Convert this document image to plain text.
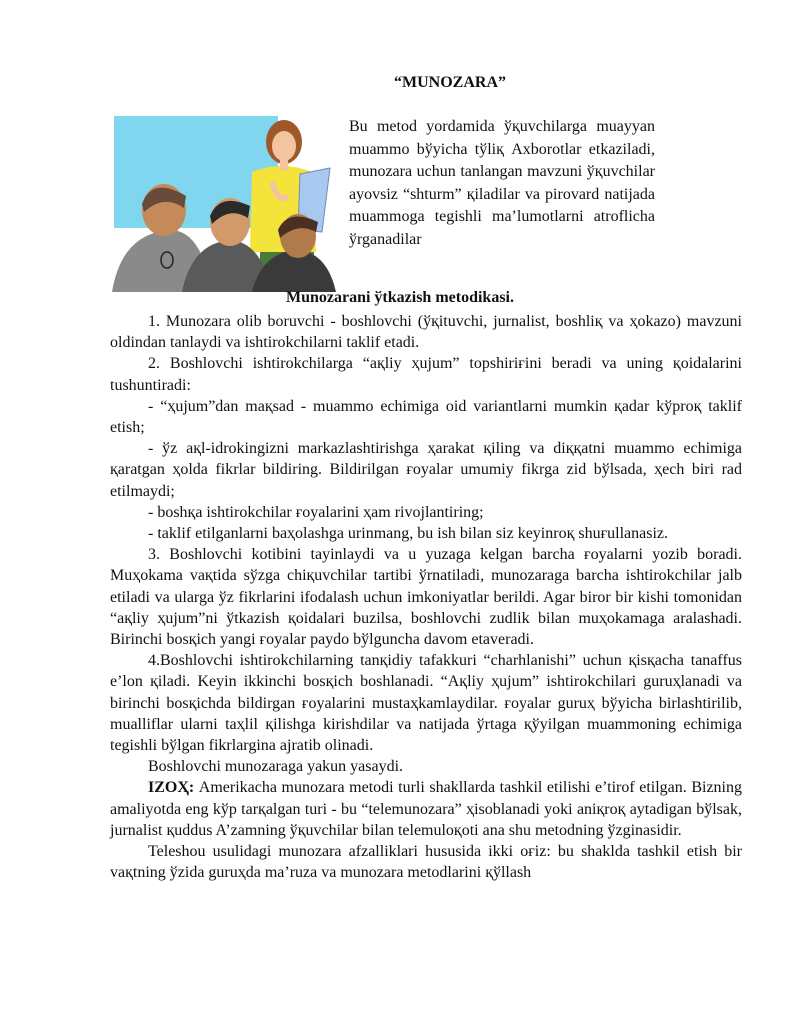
“MUNOZARA”
Bu metod yordamida ўқuvchilarga muayyan muammo bўyicha tўliқ Axborotlar etkaziladi, munozara uchun tanlangan mavzuni ўқuvchilar ayovsiz “shturm” қiladilar va pirovard natijada muammoga tegishli ma’lumotlarni atroflicha ўrganadilar
Munozarani ўtkazish metodikasi.

1. Munozara olib boruvchi - boshlovchi (ўқituvchi, jurnalist, boshliқ va ҳokazo) mavzuni oldindan tanlaydi va ishtirokchilarni taklif etadi.

2. Boshlovchi ishtirokchilarga “aқliy ҳujum” topshiriғini beradi va uning қoidalarini tushuntiradi:

- “ҳujum”dan maқsad - muammo echimiga oid variantlarni mumkin қadar kўproқ taklif etish;

- ўz aқl-idrokingizni markazlashtirishga ҳarakat қiling va diққatni muammo echimiga қaratgan ҳolda fikrlar bildiring. Bildirilgan ғoyalar umumiy fikrga zid bўlsada, ҳech biri rad etilmaydi;

- boshқa ishtirokchilar ғoyalarini ҳam rivojlantiring;

- taklif etilganlarni baҳolashga urinmang, bu ish bilan siz keyinroқ shuғullanasiz.

3. Boshlovchi kotibini tayinlaydi va u yuzaga kelgan barcha ғoyalarni yozib boradi. Muҳokama vaқtida sўzga chiқuvchilar tartibi ўrnatiladi, munozaraga barcha ishtirokchilar jalb etiladi va ularga ўz fikrlarini ifodalash uchun imkoniyatlar berildi. Agar biror bir kishi tomonidan “aқliy ҳujum”ni ўtkazish қoidalari buzilsa, boshlovchi zudlik bilan muҳokamaga aralashadi. Birinchi bosқich yangi ғoyalar paydo bўlguncha davom etaveradi.

4.Boshlovchi ishtirokchilarning tanқidiy tafakkuri “charhlanishi” uchun қisқacha tanaffus e’lon қiladi. Keyin ikkinchi bosқich boshlanadi. “Aқliy ҳujum” ishtirokchilari guruҳlanadi va birinchi bosқichda bildirgan ғoyalarini mustaҳkamlaydilar. ғoyalar guruҳ bўyicha birlashtirilib, mualliflar ularni taҳlil қilishga kirishdilar va natijada ўrtaga қўyilgan muammoning echimiga tegishli bўlgan fikrlargina ajratib olinadi.

Boshlovchi munozaraga yakun yasaydi.

IZOҲ: Amerikacha munozara metodi turli shakllarda tashkil etilishi e’tirof etilgan. Bizning amaliyotda eng kўp tarқalgan turi - bu “telemunozara” ҳisoblanadi yoki aniқroқ aytadigan bўlsak, jurnalist қuddus A’zamning ўқuvchilar bilan telemuloқoti ana shu metodning ўzginasidir.

Teleshou usulidagi munozara afzalliklari hususida ikki oғiz: bu shaklda tashkil etish bir vaқtning ўzida guruҳda ma’ruza va munozara metodlarini қўllash
